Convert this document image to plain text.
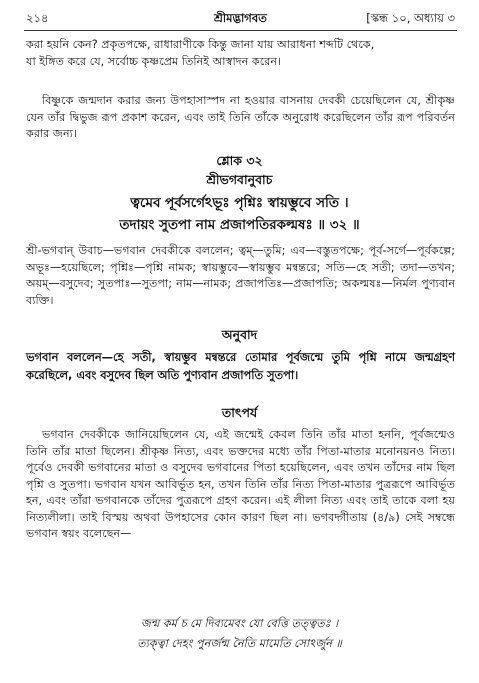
২১৪	শ্রীমদ্ভাগবত	[স্কন্ধ ১০, অধ্যায় ৩
করা হয়নি কেন? প্রকৃতপক্ষে, রাধারাণীকে কিন্তু জানা যায় আরাধনা শব্দটি থেকে,
যা ইঙ্গিত করে যে, সর্বোচ্চ কৃষ্ণপ্রেম তিনিই আস্বাদন করেন।
বিষ্ণুকে জন্মদান করার জন্য উপহাসাস্পদ না হওয়ার বাসনায় দেবকী চেয়েছিলেন যে, শ্রীকৃষ্ণ যেন তাঁর দ্বিভুজ রূপ প্রকাশ করেন, এবং তাই তিনি তাঁকে অনুরোধ করেছিলেন তাঁর রূপ পরিবর্তন করার জন্য।
শ্লোক ৩২
শ্রীভগবানুবাচ
ত্বমেব পূর্বসর্গেঽভূঃ পৃশ্নিঃ স্বায়ম্ভুবে সতি ।
তদায়ং সুতপা নাম প্রজাপতিরকল্মষঃ ॥ ৩২ ॥
শ্রী-ভগবান্ উবাচ—ভগবান দেবকীকে বললেন; ত্বম্—তুমি; এব—বস্তুতপক্ষে; পূর্ব-সর্গে—পূর্বকল্পে; অভূঃ—হয়েছিলে; পৃশ্নিঃ—পৃশ্নি নামক; স্বায়ম্ভুবে—স্বায়ম্ভুব মন্বন্তরে; সতি—হে সতী; তদা—তখন; অয়ম্—বসুদেব; সুতপাঃ—সুতপা; নাম—নামক; প্রজাপতিঃ—প্রজাপতি; অকল্মষঃ—নির্মল পুণ্যবান ব্যক্তি।
অনুবাদ
ভগবান বললেন—হে সতী, স্বায়ম্ভুব মন্বন্তরে তোমার পূর্বজন্মে তুমি পৃশ্নি নামে জন্মগ্রহণ করেছিলে, এবং বসুদেব ছিল অতি পুণ্যবান প্রজাপতি সুতপা।
তাৎপর্য
ভগবান দেবকীকে জানিয়েছিলেন যে, এই জন্মেই কেবল তিনি তাঁর মাতা হননি, পূর্বজন্মেও তিনি তাঁর মাতা ছিলেন। শ্রীকৃষ্ণ নিত্য, এবং ভক্তদের মধ্যে তাঁর পিতা-মাতার মনোনয়নও নিত্য। পূর্বেও দেবকী ভগবানের মাতা ও বসুদেব ভগবানের পিতা হয়েছিলেন, এবং তখন তাঁদের নাম ছিল পৃশ্নি ও সুতপা। ভগবান যখন আবির্ভূত হন, তখন তিনি তাঁর নিত্য পিতা-মাতার পুত্ররূপে আবির্ভূত হন, এবং তাঁরা ভগবানকে তাঁদের পুত্ররূপে গ্রহণ করেন। এই লীলা নিত্য এবং তাই তাকে বলা হয় নিত্যলীলা। তাই বিস্ময় অথবা উপহাসের কোন কারণ ছিল না। ভগবদ্গীতায় (৪/৯) সেই সম্বন্ধে ভগবান স্বয়ং বলেছেন—
জন্ম কর্ম চ মে দিব্যমেবং যো বেত্তি তত্ত্বতঃ ।
ত্যক্ত্বা দেহং পুনর্জন্ম নৈতি মামেতি সোঽর্জুন ॥
